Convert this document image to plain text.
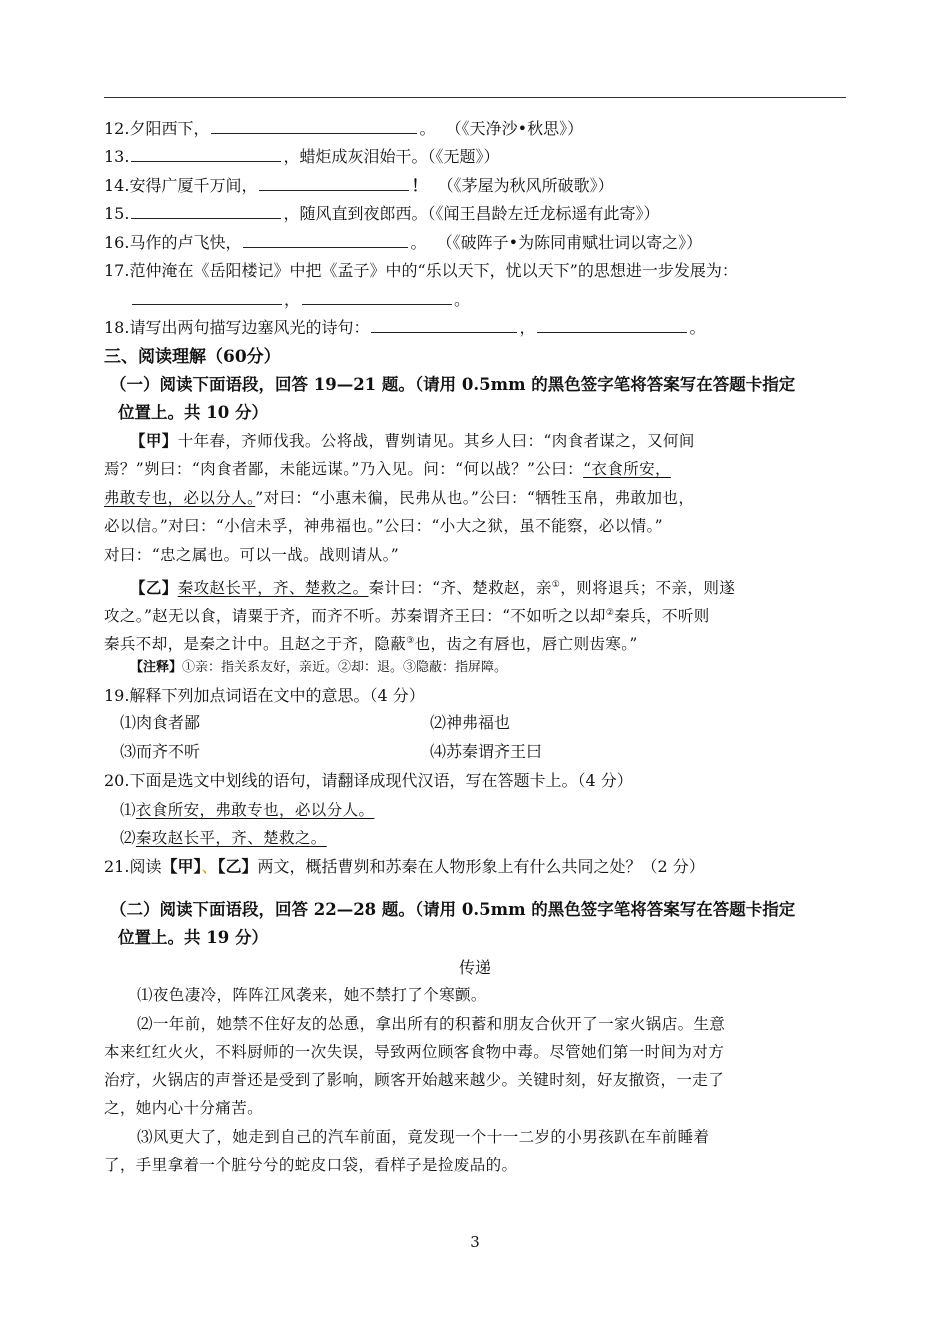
12.夕阳西下，	。 （《天净沙•秋思》）
13.	，蜡炬成灰泪始干。（《无题》）
14.安得广厦千万间，	！ （《茅屋为秋风所破歌》）
15.	，随风直到夜郎西。（《闻王昌龄左迁龙标遥有此寄》）
16.马作的卢飞快，	。 （《破阵子•为陈同甫赋壮词以寄之》）
17.范仲淹在《岳阳楼记》中把《孟子》中的“乐以天下，忧以天下”的思想进一步发展为：
，	。
18.请写出两句描写边塞风光的诗句：	，	。
三、阅读理解（60分）
（一）阅读下面语段，回答 19—21 题。（请用 0.5mm 的黑色签字笔将答案写在答题卡指定
位置上。共 10 分）
【甲】十年春，齐师伐我。公将战，曹刿请见。其乡人曰：“肉食者谋之，又何间
焉？”刿曰：“肉食者鄙，未能远谋。”乃入见。问：“何以战？”公曰：“衣食所安，
弗敢专也，必以分人。”对曰：“小惠未徧，民弗从也。”公曰：“牺牲玉帛，弗敢加也，
必以信。”对曰：“小信未孚，神弗福也。”公曰：“小大之狱，虽不能察，必以情。”
对曰：“忠之属也。可以一战。战则请从。”
【乙】秦攻赵长平，齐、楚救之。秦计曰：“齐、楚救赵，亲①，则将退兵；不亲，则遂
攻之。”赵无以食，请粟于齐，而齐不听。苏秦谓齐王曰：“不如听之以却②秦兵，不听则
秦兵不却，是秦之计中。且赵之于齐，隐蔽③也，齿之有唇也，唇亡则齿寒。”
【注释】①亲：指关系友好，亲近。②却：退。③隐蔽：指屏障。
19.解释下列加点词语在文中的意思。（4 分）
⑴肉食者鄙	⑵神弗福也
⑶而齐不听	⑷苏秦谓齐王曰
20.下面是选文中划线的语句，请翻译成现代汉语，写在答题卡上。（4 分）
⑴衣食所安，弗敢专也，必以分人。
⑵秦攻赵长平，齐、楚救之。
21.阅读【甲】、【乙】两文，概括曹刿和苏秦在人物形象上有什么共同之处？（2 分）
（二）阅读下面语段，回答 22—28 题。（请用 0.5mm 的黑色签字笔将答案写在答题卡指定
位置上。共 19 分）
传递
⑴夜色凄冷，阵阵江风袭来，她不禁打了个寒颤。
⑵一年前，她禁不住好友的怂恿，拿出所有的积蓄和朋友合伙开了一家火锅店。生意
本来红红火火，不料厨师的一次失误，导致两位顾客食物中毒。尽管她们第一时间为对方
治疗，火锅店的声誉还是受到了影响，顾客开始越来越少。关键时刻，好友撤资，一走了
之，她内心十分痛苦。
⑶风更大了，她走到自己的汽车前面，竟发现一个十一二岁的小男孩趴在车前睡着
了，手里拿着一个脏兮兮的蛇皮口袋，看样子是捡废品的。
3
